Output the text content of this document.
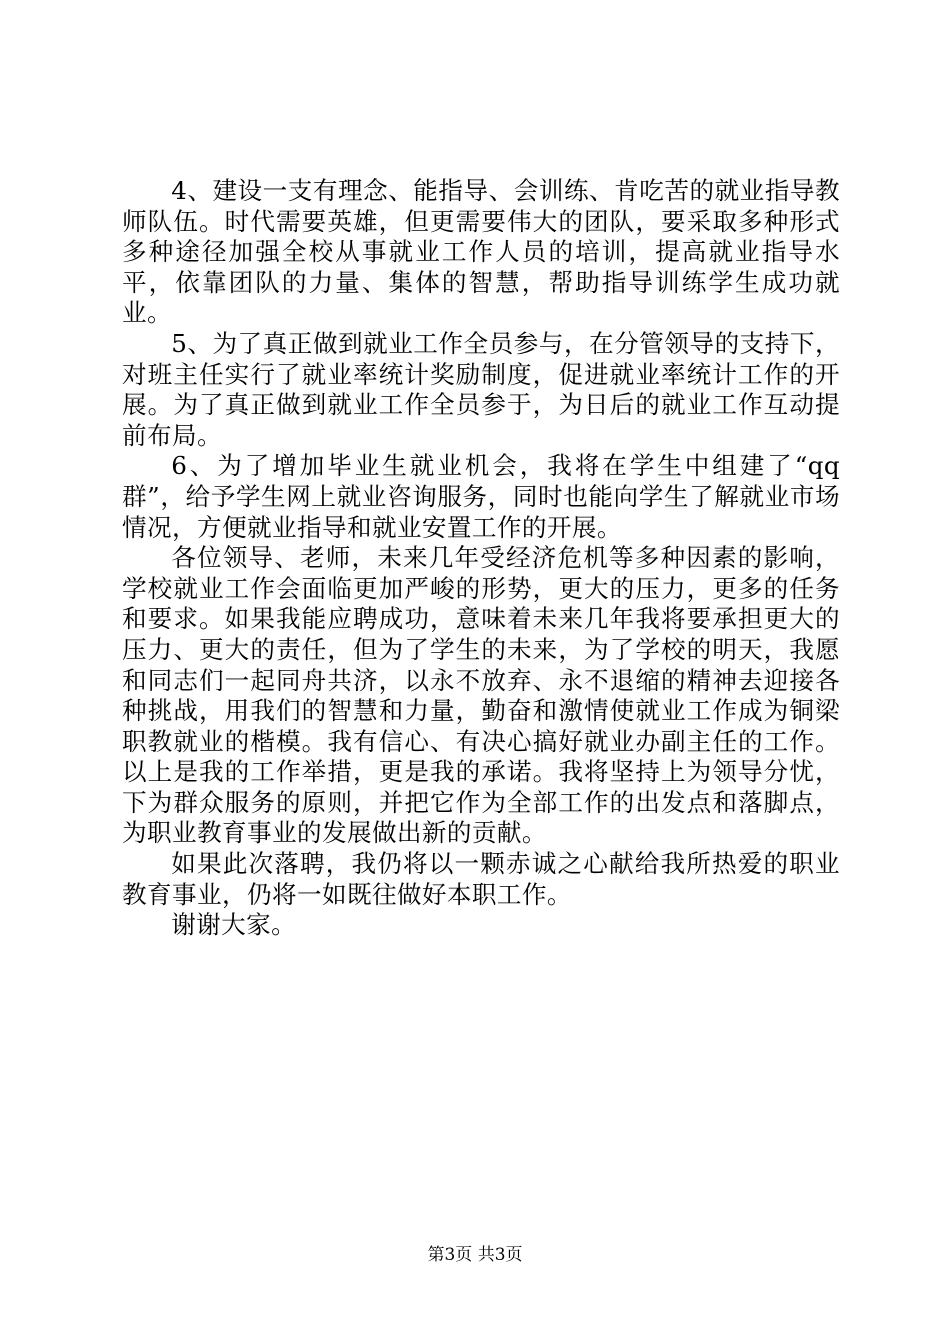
4、建设一支有理念、能指导、会训练、肯吃苦的就业指导教师队伍。时代需要英雄，但更需要伟大的团队，要采取多种形式多种途径加强全校从事就业工作人员的培训，提高就业指导水平，依靠团队的力量、集体的智慧，帮助指导训练学生成功就业。

5、为了真正做到就业工作全员参与，在分管领导的支持下，对班主任实行了就业率统计奖励制度，促进就业率统计工作的开展。为了真正做到就业工作全员参于，为日后的就业工作互动提前布局。

6、为了增加毕业生就业机会，我将在学生中组建了“qq群”，给予学生网上就业咨询服务，同时也能向学生了解就业市场情况，方便就业指导和就业安置工作的开展。

各位领导、老师，未来几年受经济危机等多种因素的影响，学校就业工作会面临更加严峻的形势，更大的压力，更多的任务和要求。如果我能应聘成功，意味着未来几年我将要承担更大的压力、更大的责任，但为了学生的未来，为了学校的明天，我愿和同志们一起同舟共济，以永不放弃、永不退缩的精神去迎接各种挑战，用我们的智慧和力量，勤奋和激情使就业工作成为铜梁职教就业的楷模。我有信心、有决心搞好就业办副主任的工作。以上是我的工作举措，更是我的承诺。我将坚持上为领导分忧，下为群众服务的原则，并把它作为全部工作的出发点和落脚点，为职业教育事业的发展做出新的贡献。

如果此次落聘，我仍将以一颗赤诚之心献给我所热爱的职业教育事业，仍将一如既往做好本职工作。

谢谢大家。

第3页 共3页
